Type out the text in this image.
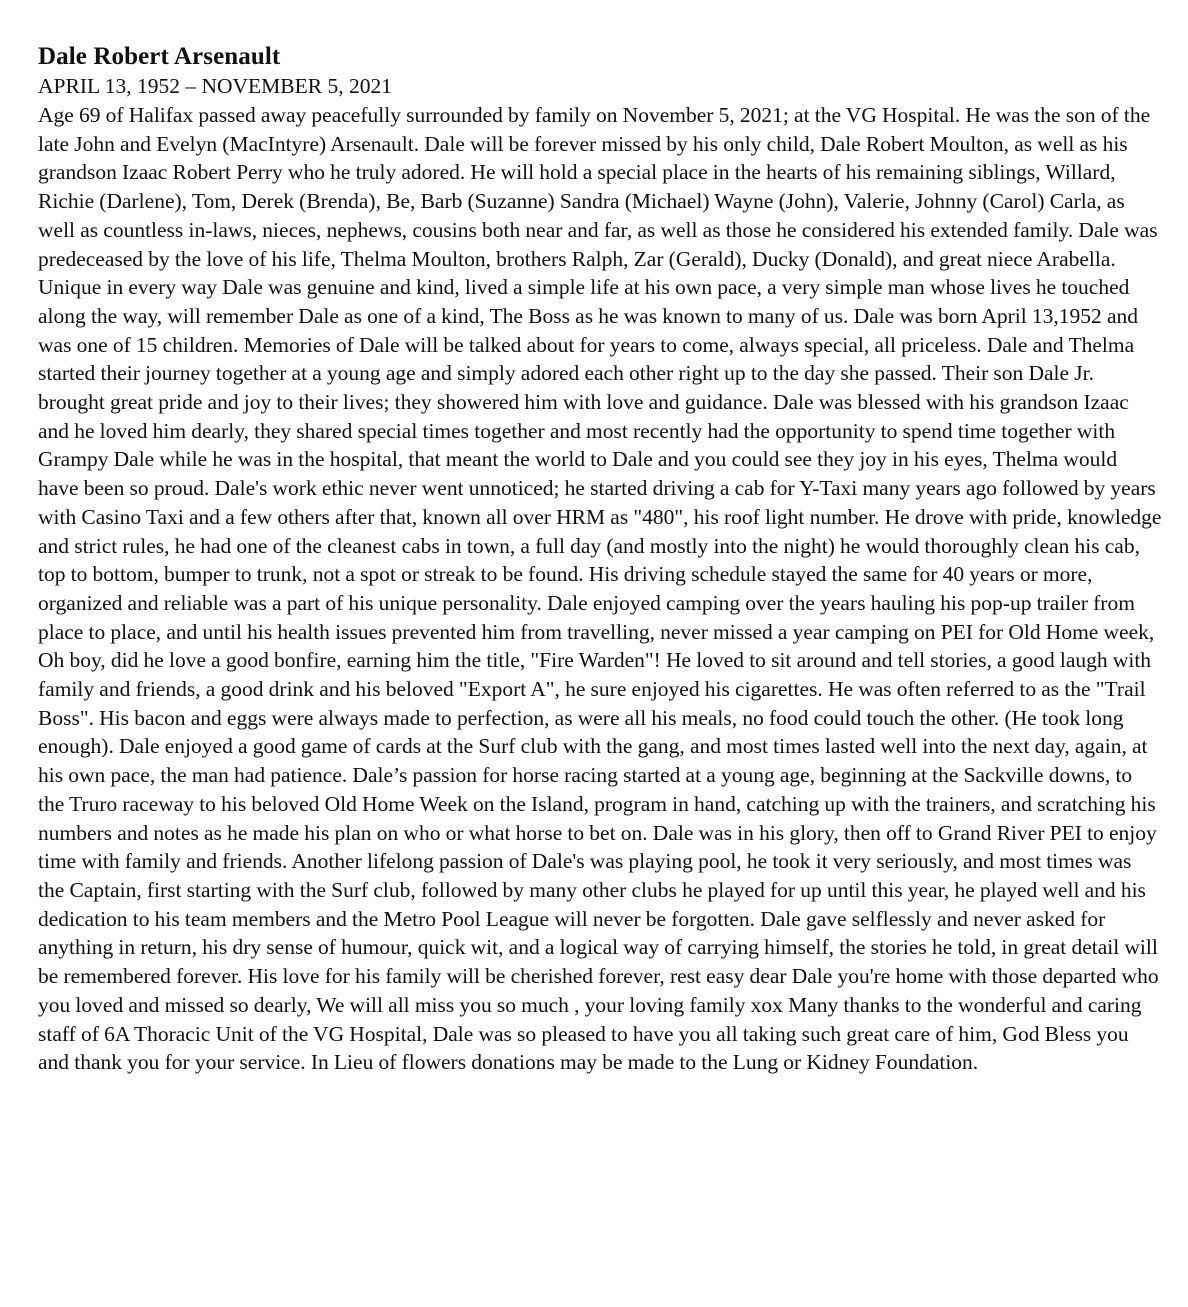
Dale Robert Arsenault

APRIL 13, 1952 – NOVEMBER 5, 2021

Age 69 of Halifax passed away peacefully surrounded by family on November 5, 2021; at the VG Hospital. He was the son of the late John and Evelyn (MacIntyre) Arsenault. Dale will be forever missed by his only child, Dale Robert Moulton, as well as his grandson Izaac Robert Perry who he truly adored. He will hold a special place in the hearts of his remaining siblings, Willard, Richie (Darlene), Tom, Derek (Brenda), Be, Barb (Suzanne) Sandra (Michael) Wayne (John), Valerie, Johnny (Carol) Carla, as well as countless in-laws, nieces, nephews, cousins both near and far, as well as those he considered his extended family. Dale was predeceased by the love of his life, Thelma Moulton, brothers Ralph, Zar (Gerald), Ducky (Donald), and great niece Arabella. Unique in every way Dale was genuine and kind, lived a simple life at his own pace, a very simple man whose lives he touched along the way, will remember Dale as one of a kind, The Boss as he was known to many of us. Dale was born April 13,1952 and was one of 15 children. Memories of Dale will be talked about for years to come, always special, all priceless. Dale and Thelma started their journey together at a young age and simply adored each other right up to the day she passed. Their son Dale Jr. brought great pride and joy to their lives; they showered him with love and guidance. Dale was blessed with his grandson Izaac and he loved him dearly, they shared special times together and most recently had the opportunity to spend time together with Grampy Dale while he was in the hospital, that meant the world to Dale and you could see they joy in his eyes, Thelma would have been so proud. Dale's work ethic never went unnoticed; he started driving a cab for Y-Taxi many years ago followed by years with Casino Taxi and a few others after that, known all over HRM as "480", his roof light number. He drove with pride, knowledge and strict rules, he had one of the cleanest cabs in town, a full day (and mostly into the night) he would thoroughly clean his cab, top to bottom, bumper to trunk, not a spot or streak to be found. His driving schedule stayed the same for 40 years or more, organized and reliable was a part of his unique personality. Dale enjoyed camping over the years hauling his pop-up trailer from place to place, and until his health issues prevented him from travelling, never missed a year camping on PEI for Old Home week, Oh boy, did he love a good bonfire, earning him the title, "Fire Warden"! He loved to sit around and tell stories, a good laugh with family and friends, a good drink and his beloved "Export A", he sure enjoyed his cigarettes. He was often referred to as the "Trail Boss". His bacon and eggs were always made to perfection, as were all his meals, no food could touch the other. (He took long enough). Dale enjoyed a good game of cards at the Surf club with the gang, and most times lasted well into the next day, again, at his own pace, the man had patience. Dale’s passion for horse racing started at a young age, beginning at the Sackville downs, to the Truro raceway to his beloved Old Home Week on the Island, program in hand, catching up with the trainers, and scratching his numbers and notes as he made his plan on who or what horse to bet on. Dale was in his glory, then off to Grand River PEI to enjoy time with family and friends. Another lifelong passion of Dale's was playing pool, he took it very seriously, and most times was the Captain, first starting with the Surf club, followed by many other clubs he played for up until this year, he played well and his dedication to his team members and the Metro Pool League will never be forgotten. Dale gave selflessly and never asked for anything in return, his dry sense of humour, quick wit, and a logical way of carrying himself, the stories he told, in great detail will be remembered forever. His love for his family will be cherished forever, rest easy dear Dale you're home with those departed who you loved and missed so dearly, We will all miss you so much , your loving family xox Many thanks to the wonderful and caring staff of 6A Thoracic Unit of the VG Hospital, Dale was so pleased to have you all taking such great care of him, God Bless you and thank you for your service. In Lieu of flowers donations may be made to the Lung or Kidney Foundation.
